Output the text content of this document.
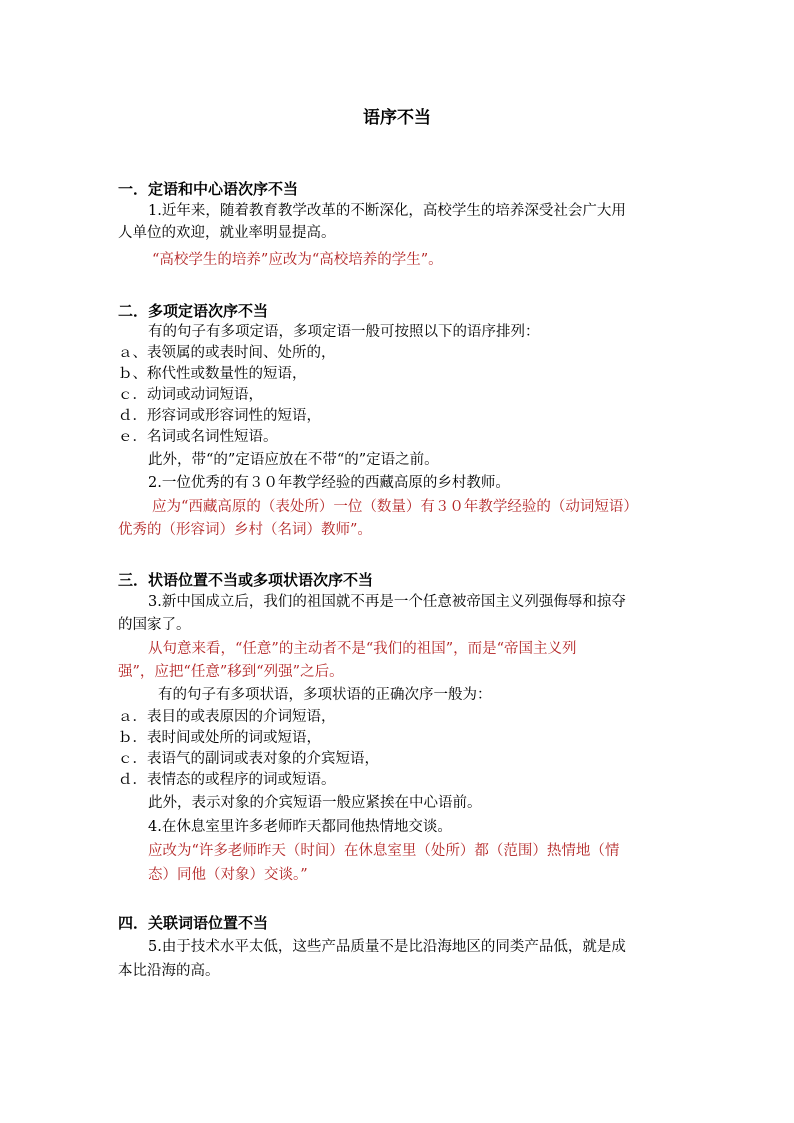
语序不当
一．定语和中心语次序不当
1.近年来，随着教育教学改革的不断深化，高校学生的培养深受社会广大用
人单位的欢迎，就业率明显提高。
“高校学生的培养”应改为“高校培养的学生”。
二．多项定语次序不当
有的句子有多项定语，多项定语一般可按照以下的语序排列：
ａ、表领属的或表时间、处所的，
ｂ、称代性或数量性的短语，
ｃ．动词或动词短语，
ｄ．形容词或形容词性的短语，
ｅ．名词或名词性短语。
此外，带“的”定语应放在不带“的”定语之前。
2.一位优秀的有３０年教学经验的西藏高原的乡村教师。
应为“西藏高原的（表处所）一位（数量）有３０年教学经验的（动词短语）
优秀的（形容词）乡村（名词）教师”。
三．状语位置不当或多项状语次序不当
3.新中国成立后，我们的祖国就不再是一个任意被帝国主义列强侮辱和掠夺
的国家了。
从句意来看，“任意”的主动者不是“我们的祖国”，而是“帝国主义列
强”，应把“任意”移到“列强”之后。
有的句子有多项状语，多项状语的正确次序一般为：
ａ．表目的或表原因的介词短语，
ｂ．表时间或处所的词或短语，
ｃ．表语气的副词或表对象的介宾短语，
ｄ．表情态的或程序的词或短语。
此外，表示对象的介宾短语一般应紧挨在中心语前。
4.在休息室里许多老师昨天都同他热情地交谈。
应改为“许多老师昨天（时间）在休息室里（处所）都（范围）热情地（情
态）同他（对象）交谈。”
四．关联词语位置不当
5.由于技术水平太低，这些产品质量不是比沿海地区的同类产品低，就是成
本比沿海的高。
